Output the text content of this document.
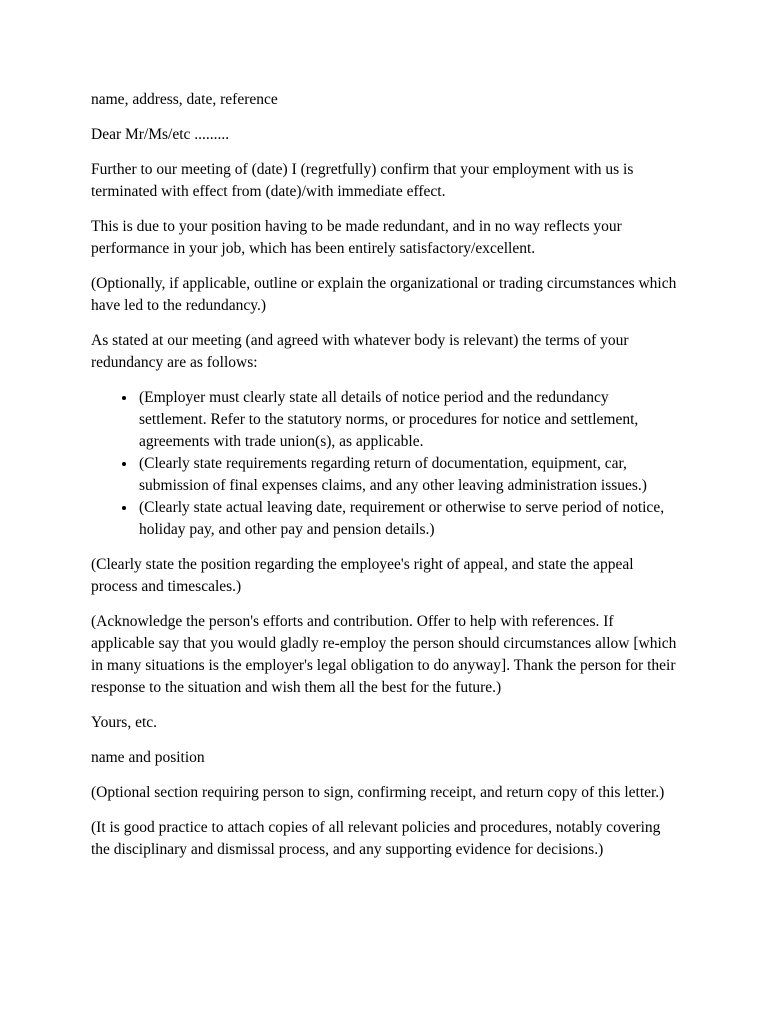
name, address, date, reference

Dear Mr/Ms/etc .........

Further to our meeting of (date) I (regretfully) confirm that your employment with us is terminated with effect from (date)/with immediate effect.

This is due to your position having to be made redundant, and in no way reflects your performance in your job, which has been entirely satisfactory/excellent.

(Optionally, if applicable, outline or explain the organizational or trading circumstances which have led to the redundancy.)

As stated at our meeting (and agreed with whatever body is relevant) the terms of your redundancy are as follows:

• (Employer must clearly state all details of notice period and the redundancy settlement. Refer to the statutory norms, or procedures for notice and settlement, agreements with trade union(s), as applicable.
• (Clearly state requirements regarding return of documentation, equipment, car, submission of final expenses claims, and any other leaving administration issues.)
• (Clearly state actual leaving date, requirement or otherwise to serve period of notice, holiday pay, and other pay and pension details.)

(Clearly state the position regarding the employee's right of appeal, and state the appeal process and timescales.)

(Acknowledge the person's efforts and contribution. Offer to help with references. If applicable say that you would gladly re-employ the person should circumstances allow [which in many situations is the employer's legal obligation to do anyway]. Thank the person for their response to the situation and wish them all the best for the future.)

Yours, etc.

name and position

(Optional section requiring person to sign, confirming receipt, and return copy of this letter.)

(It is good practice to attach copies of all relevant policies and procedures, notably covering the disciplinary and dismissal process, and any supporting evidence for decisions.)
